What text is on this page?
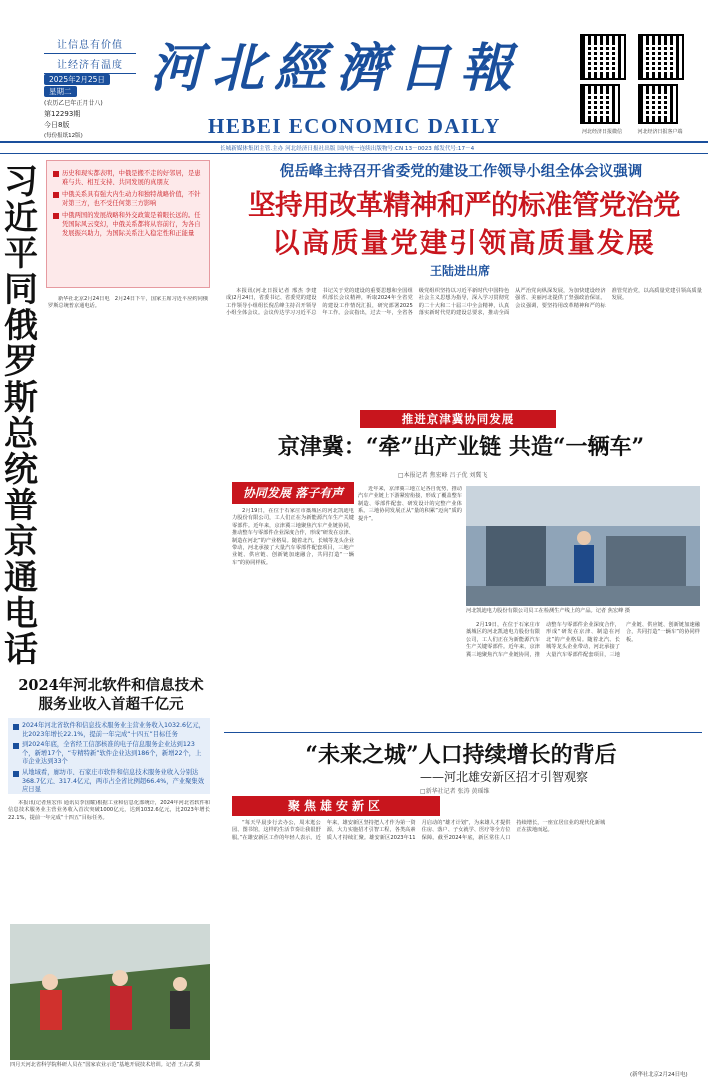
让信息有价值
让经济有温度
2025年2月25日
星期二
(农历乙巳年正月廿八)
第12293期
今日8版
(每份报纸12版)
河北經濟日報
HEBEI ECONOMIC DAILY	河北经济日报微信	河北经济日报客户端
长城新媒体集团主管.主办 河北经济日报社出版 国内统一连续出版物号:CN 13－0023 邮发代号:17－4
习近平同俄罗斯总统普京通电话
历史和现实都表明，中俄是搬不走的好邻居，是患难与共、相互支持、共同发展的真朋友
中俄关系具有强大内生动力和独特战略价值，不针对第三方，也不受任何第三方影响
中俄两国的发展战略和外交政策是着眼长远的。任凭国际风云变幻，中俄关系都将从容前行，为各自发展振兴助力，为国际关系注入稳定性和正能量
新华社北京2月24日电　2月24日下午，国家主席习近平应约同俄罗斯总统普京通电话。
2024年河北软件和信息技术服务业收入首超千亿元
2024年河北省软件和信息技术服务业主营业务收入1032.6亿元，比2023年增长22.1%，提前一年完成“十四五”目标任务
到2024年底，全省经工信部核准的电子信息服务企业达到123个，新增17个，“专精特新”软件企业达到186个，新增22个，上市企业达到33个
从地域看，廊坊市、石家庄市软件和信息技术服务业收入分别达368.7亿元、317.4亿元，两市占全省比例超66.4%，产业聚集效应日显
本报讯(记者焦宏伟 通讯员李国耀)根据工业和信息化部统计，2024年河北省软件和信息技术服务业主营业务收入首次突破1000亿元，达到1032.6亿元，比2023年增长22.1%，提前一年完成“十四五”目标任务。
四月天河北省科学院科研人员在“国家农业示范”基地开展技术培训。记者 王占武 摄
倪岳峰主持召开省委党的建设工作领导小组全体会议强调
坚持用改革精神和严的标准管党治党
以高质量党建引领高质量发展
王陆进出席
本报讯(河北日报记者 邢杰 李建成)2月24日，省委书记、省委党的建设工作领导小组组长倪岳峰主持召开领导小组全体会议。会议传达学习习近平总书记关于党的建设的重要思想和全国组织部长会议精神，听取2024年全省党的建设工作情况汇报，研究部署2025年工作。会议指出，过去一年，全省各级党组织坚持以习近平新时代中国特色社会主义思想为指导，深入学习贯彻党的二十大和二十届三中全会精神，认真落实新时代党的建设总要求，推动全面从严治党向纵深发展，为加快建设经济强省、美丽河北提供了坚强政治保证。会议强调，要坚持用改革精神和严的标准管党治党，以高质量党建引领高质量发展。
推进京津冀协同发展
京津冀：“牵”出产业链 共造“一辆车”
□本报记者 焦宏峰 吕子优 刘冀飞
协同发展 落子有声
2月19日，在位于石家庄市藁城区的河北凯迪电力股份有限公司，工人们正在为新能源汽车生产关键零部件。近年来，京津冀三地聚焦汽车产业链协同，推动整车与零部件企业深度合作，形成“研发在京津、制造在河北”的产业格局。随着北汽、长城等龙头企业带动，河北承接了大量汽车零部件配套项目，三地产业链、供应链、创新链加速融合，共同打造“一辆车”的协同样板。
近年来，京津冀三地立足各自优势，推动汽车产业链上下游紧密衔接，形成了覆盖整车制造、零部件配套、研发设计的完整产业体系。三地协同发展正从“量的积累”迈向“质的提升”。
河北凯迪电力股份有限公司员工在检测生产线上的产品。记者 焦宏峰 摄
2月19日，在位于石家庄市藁城区的河北凯迪电力股份有限公司，工人们正在为新能源汽车生产关键零部件。近年来，京津冀三地聚焦汽车产业链协同，推动整车与零部件企业深度合作，形成“研发在京津、制造在河北”的产业格局。随着北汽、长城等龙头企业带动，河北承接了大量汽车零部件配套项目，三地产业链、供应链、创新链加速融合，共同打造“一辆车”的协同样板。
“未来之城”人口持续增长的背后
——河北雄安新区招才引智观察
□新华社记者 张涛 黄瑶维
聚焦雄安新区
“每天早晨步行去办公，周末逛公园、图书馆，这样的生活节奏让我很舒服。”在雄安新区工作的年轻人表示。近年来，雄安新区坚持把人才作为第一资源，大力实施招才引智工程，各类高素质人才持续汇聚。雄安新区2023年11月启动的“雄才计划”，为来雄人才提供住房、落户、子女就学、医疗等全方位保障。截至2024年底，新区常住人口持续增长，一座宜居宜业的现代化新城正在拔地而起。
(新华社北京2月24日电)
